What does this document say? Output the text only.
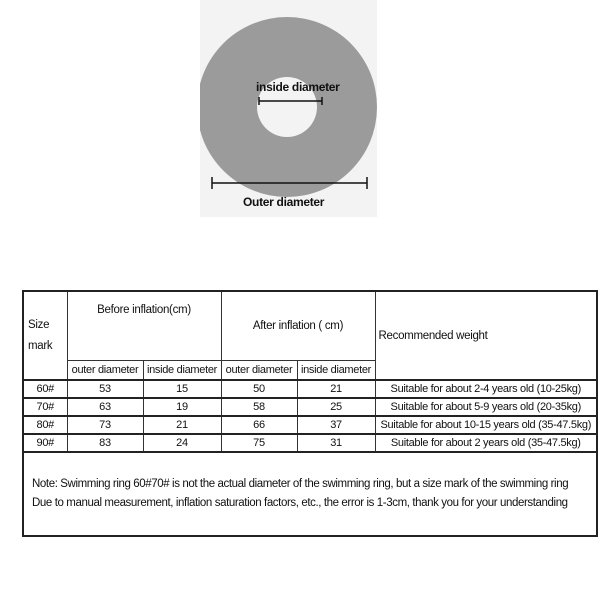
inside diameter
Outer diameter
Size mark	Before inflation(cm)		After inflation ( cm)		Recommended weight
	outer diameter	inside diameter	outer diameter	inside diameter	
60#	53	15	50	21	Suitable for about 2-4 years old (10-25kg)
70#	63	19	58	25	Suitable for about 5-9 years old (20-35kg)
80#	73	21	66	37	Suitable for about 10-15 years old (35-47.5kg)
90#	83	24	75	31	Suitable for about 2 years old (35-47.5kg)

Note: Swimming ring 60#70# is not the actual diameter of the swimming ring, but a size mark of the swimming ring
Due to manual measurement, inflation saturation factors, etc., the error is 1-3cm, thank you for your understanding					
